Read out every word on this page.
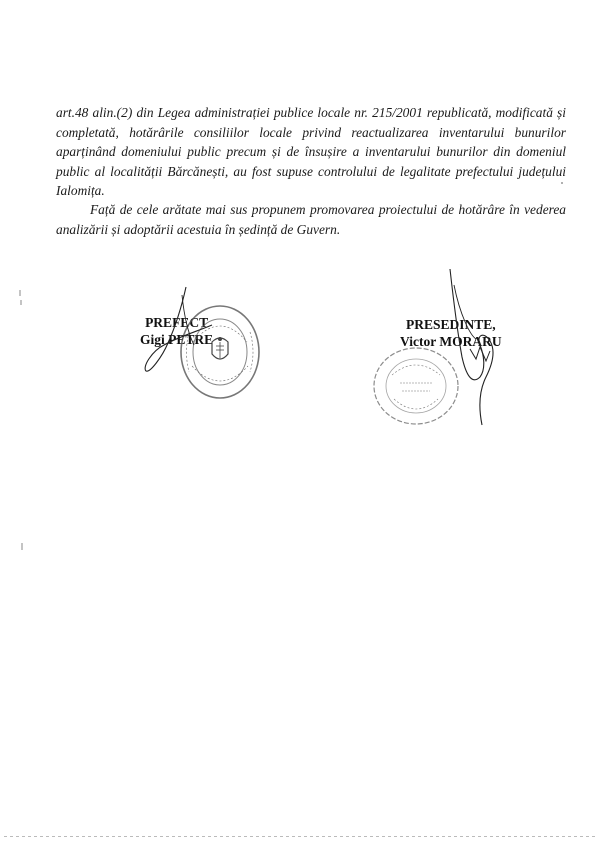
art.48 alin.(2) din Legea administrației publice locale nr. 215/2001 republicată, modificată și completată, hotărârile consiliilor locale privind reactualizarea inventarului bunurilor aparținând domeniului public precum și de însușire a inventarului bunurilor din domeniul public al localității Bărcănești, au fost supuse controlului de legalitate prefectului județului Ialomița.

Față de cele arătate mai sus propunem promovarea proiectului de hotărâre în vederea analizării și adoptării acestuia în ședință de Guvern.

PREFECT
Gigi PETRE
PRESEDINTE,
Victor MORARU
